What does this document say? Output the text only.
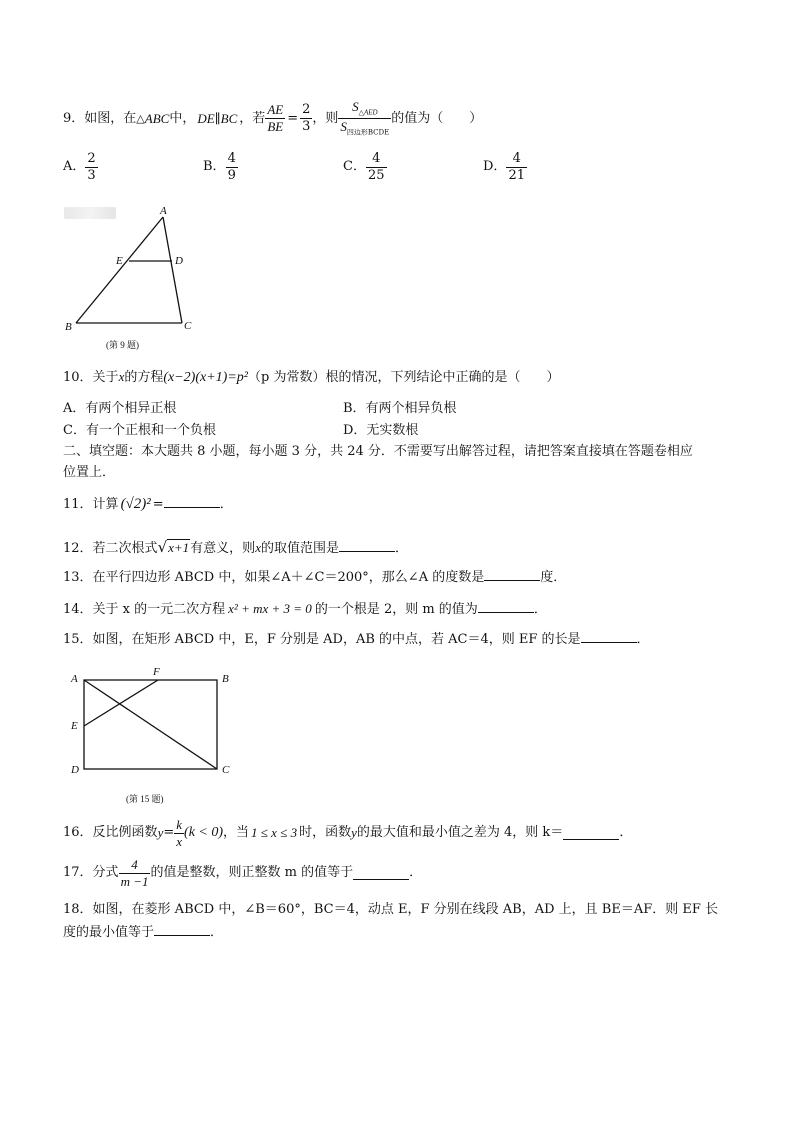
9． 如图，在 △ ABC 中， DE∥BC ，若 $\frac{AE}{BE} = \frac{2}{3}$ ，则 $\frac{S_{\triangle AED}}{S_{四边形BCDE}}$ 的值为（　　）
A． $\frac{2}{3}$	B． $\frac{4}{9}$	C． $\frac{4}{25}$	D． $\frac{4}{21}$
A
E	D
B	C
(第 9 题)
10．关于x的方程(x−2)(x+1)=p²（p 为常数）根的情况，下列结论中正确的是（　　）
A．有两个相异正根	B．有两个相异负根
C．有一个正根和一个负根	D．无实数根
二、填空题：本大题共 8 小题，每小题 3 分，共 24 分．不需要写出解答过程，请把答案直接填在答题卷相应
位置上．
11．计算 (√2)² =	．
12．若二次根式√x+1有意义，则x的取值范围是	．
13．在平行四边形 ABCD 中，如果∠A＋∠C＝200°，那么∠A 的度数是	度．
14．关于 x 的一元二次方程 x² + mx + 3 = 0 的一个根是 2，则 m 的值为	．
15．如图，在矩形 ABCD 中，E，F 分别是 AD，AB 的中点，若 AC＝4，则 EF 的长是	．
A
F
B
E
D	C
(第 15 题)
16． 反比例函数 $y = \frac{k}{x} (k < 0)$ ，当 1 ≤ x ≤ 3 时，函数 y 的最大值和最小值之差为 4，则 k＝	．
17． 分式 $\frac{4}{m -1}$ 的值是整数，则正整数 m 的值等于	．
18．如图，在菱形 ABCD 中，∠B＝60°，BC＝4，动点 E，F 分别在线段 AB，AD 上，且 BE＝AF．则 EF 长
度的最小值等于	．
